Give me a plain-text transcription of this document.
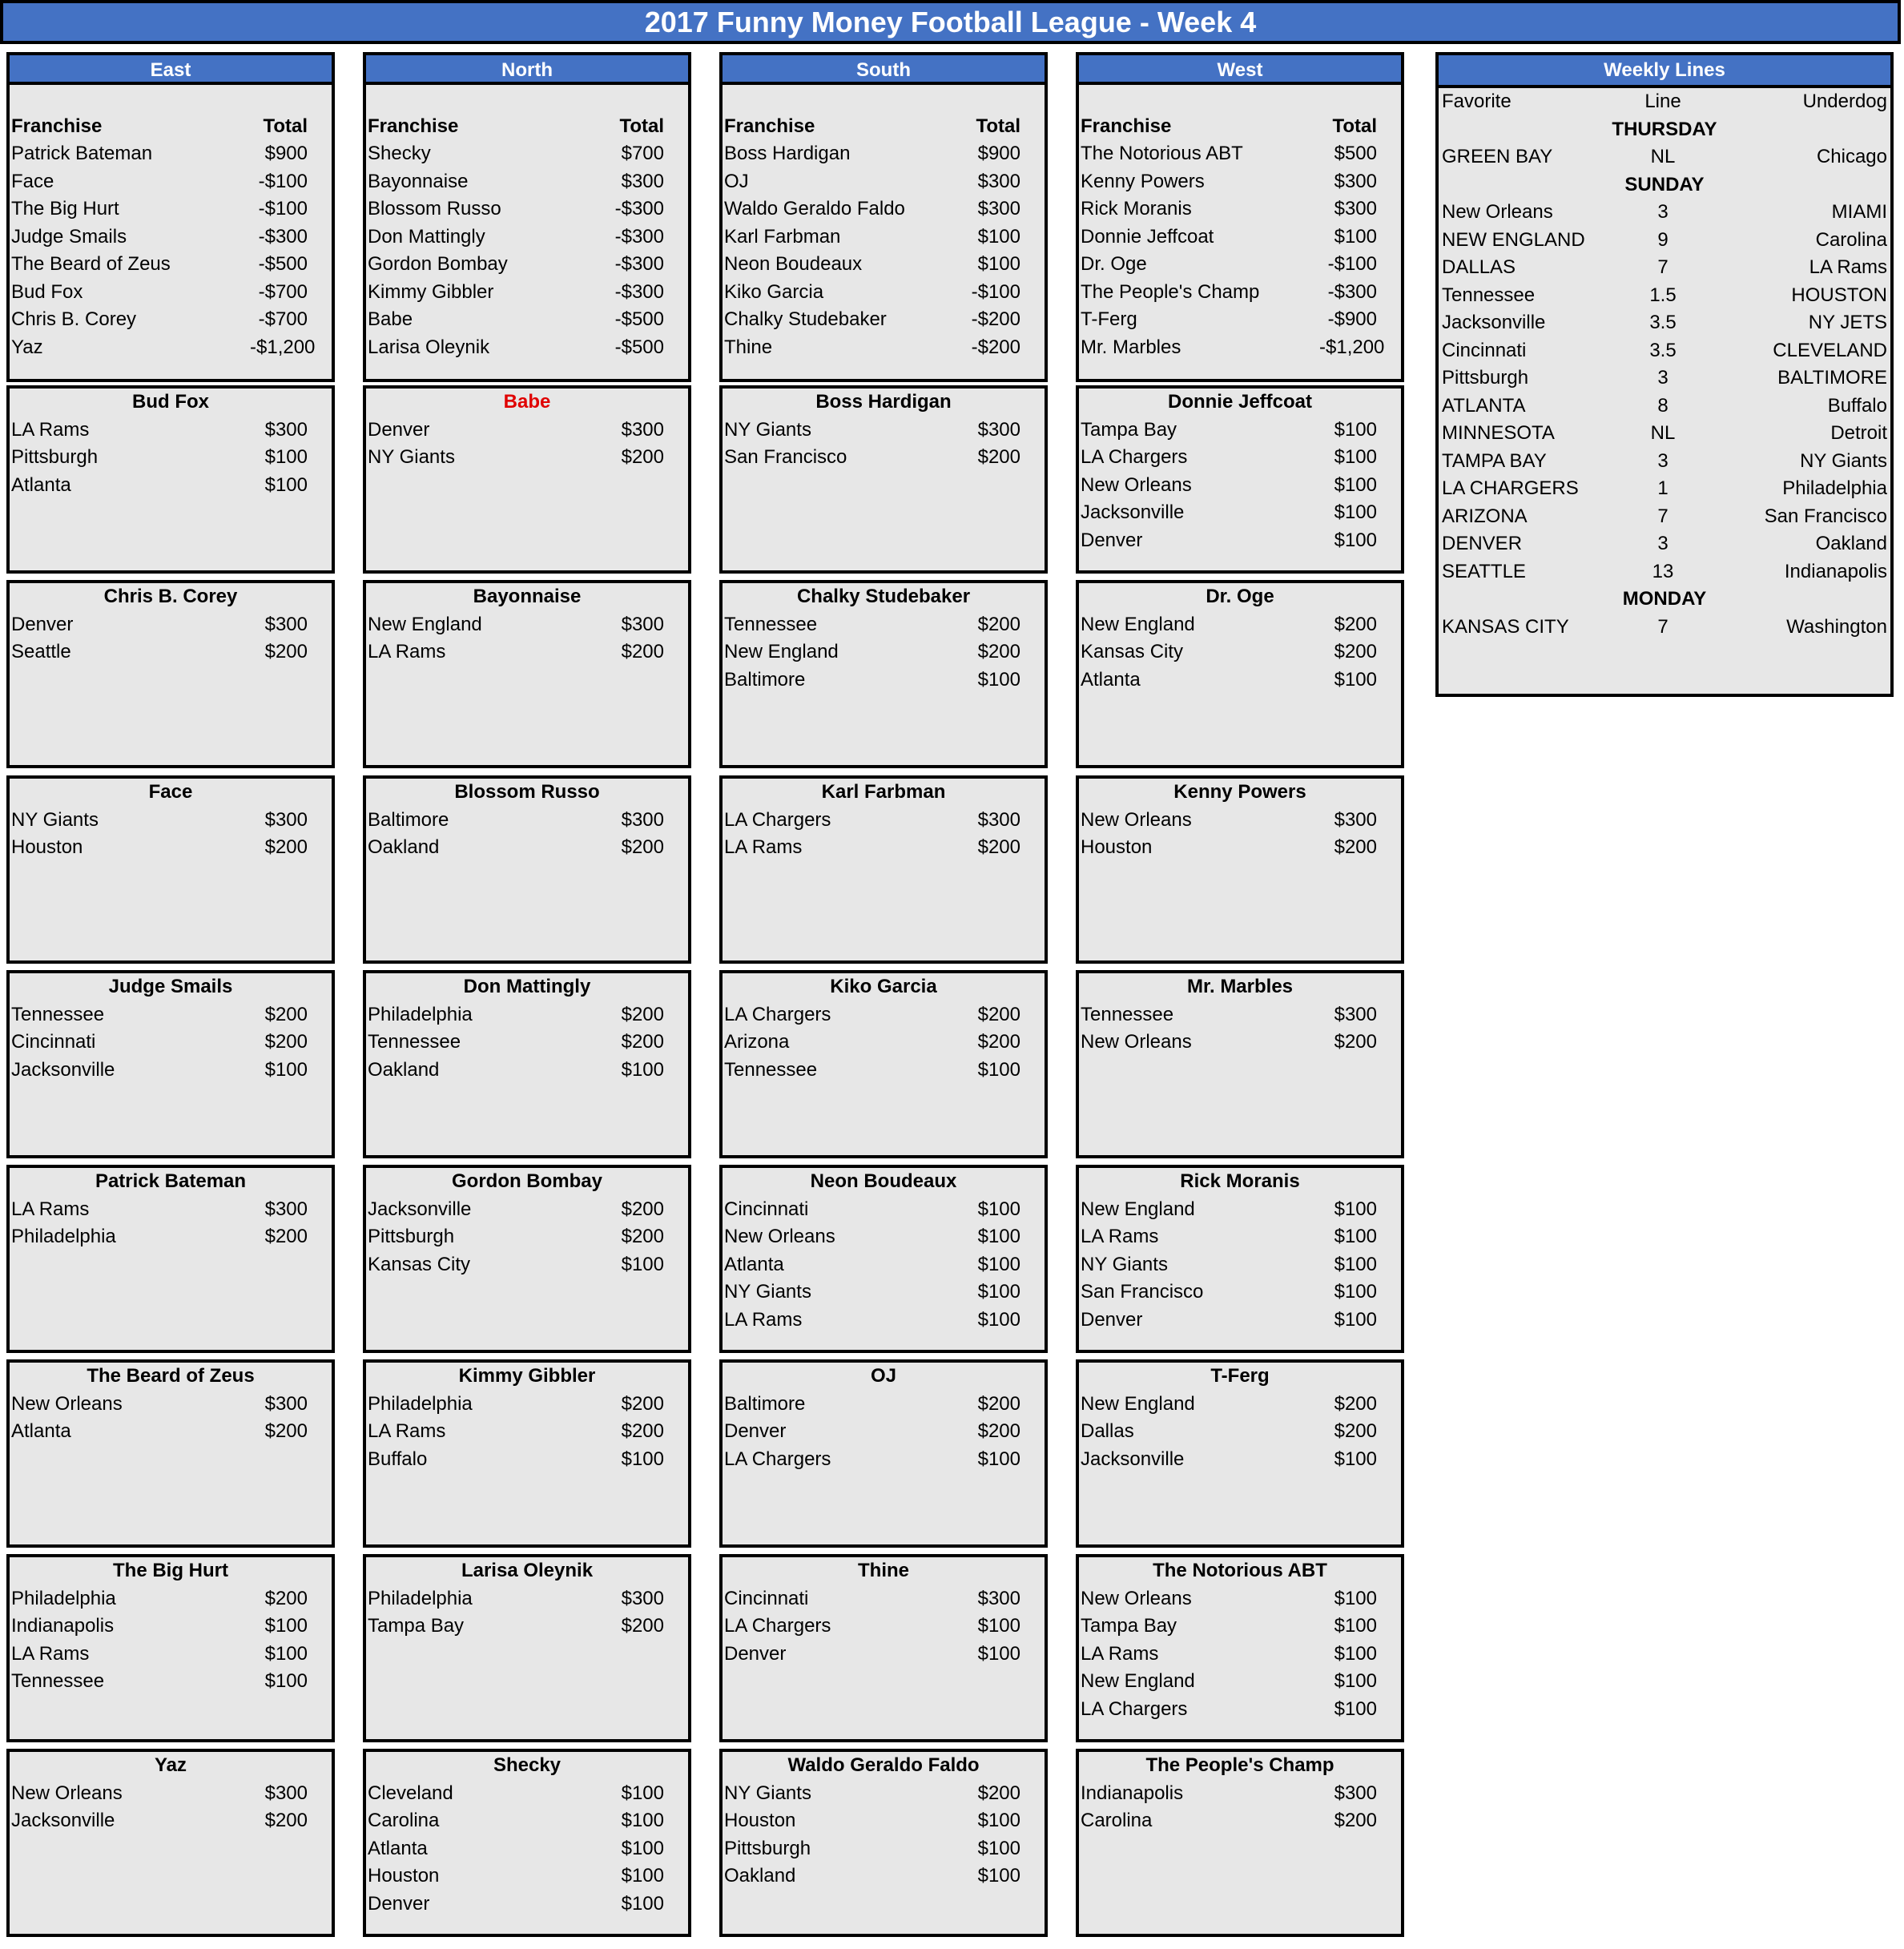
2017 Funny Money Football League - Week 4
East
Franchise	Total
Patrick Bateman	$900
Face	-$100
The Big Hurt	-$100
Judge Smails	-$300
The Beard of Zeus	-$500
Bud Fox	-$700
Chris B. Corey	-$700
Yaz	-$1,200
Bud Fox
LA Rams	$300
Pittsburgh	$100
Atlanta	$100
Chris B. Corey
Denver	$300
Seattle	$200
Face
NY Giants	$300
Houston	$200
Judge Smails
Tennessee	$200
Cincinnati	$200
Jacksonville	$100
Patrick Bateman
LA Rams	$300
Philadelphia	$200
The Beard of Zeus
New Orleans	$300
Atlanta	$200
The Big Hurt
Philadelphia	$200
Indianapolis	$100
LA Rams	$100
Tennessee	$100
Yaz
New Orleans	$300
Jacksonville	$200
North
Franchise	Total
Shecky	$700
Bayonnaise	$300
Blossom Russo	-$300
Don Mattingly	-$300
Gordon Bombay	-$300
Kimmy Gibbler	-$300
Babe	-$500
Larisa Oleynik	-$500
Babe
Denver	$300
NY Giants	$200
Bayonnaise
New England	$300
LA Rams	$200
Blossom Russo
Baltimore	$300
Oakland	$200
Don Mattingly
Philadelphia	$200
Tennessee	$200
Oakland	$100
Gordon Bombay
Jacksonville	$200
Pittsburgh	$200
Kansas City	$100
Kimmy Gibbler
Philadelphia	$200
LA Rams	$200
Buffalo	$100
Larisa Oleynik
Philadelphia	$300
Tampa Bay	$200
Shecky
Cleveland	$100
Carolina	$100
Atlanta	$100
Houston	$100
Denver	$100
South
Franchise	Total
Boss Hardigan	$900
OJ	$300
Waldo Geraldo Faldo	$300
Karl Farbman	$100
Neon Boudeaux	$100
Kiko Garcia	-$100
Chalky Studebaker	-$200
Thine	-$200
Boss Hardigan
NY Giants	$300
San Francisco	$200
Chalky Studebaker
Tennessee	$200
New England	$200
Baltimore	$100
Karl Farbman
LA Chargers	$300
LA Rams	$200
Kiko Garcia
LA Chargers	$200
Arizona	$200
Tennessee	$100
Neon Boudeaux
Cincinnati	$100
New Orleans	$100
Atlanta	$100
NY Giants	$100
LA Rams	$100
OJ
Baltimore	$200
Denver	$200
LA Chargers	$100
Thine
Cincinnati	$300
LA Chargers	$100
Denver	$100
Waldo Geraldo Faldo
NY Giants	$200
Houston	$100
Pittsburgh	$100
Oakland	$100
West
Franchise	Total
The Notorious ABT	$500
Kenny Powers	$300
Rick Moranis	$300
Donnie Jeffcoat	$100
Dr. Oge	-$100
The People's Champ	-$300
T-Ferg	-$900
Mr. Marbles	-$1,200
Donnie Jeffcoat
Tampa Bay	$100
LA Chargers	$100
New Orleans	$100
Jacksonville	$100
Denver	$100
Dr. Oge
New England	$200
Kansas City	$200
Atlanta	$100
Kenny Powers
New Orleans	$300
Houston	$200
Mr. Marbles
Tennessee	$300
New Orleans	$200
Rick Moranis
New England	$100
LA Rams	$100
NY Giants	$100
San Francisco	$100
Denver	$100
T-Ferg
New England	$200
Dallas	$200
Jacksonville	$100
The Notorious ABT
New Orleans	$100
Tampa Bay	$100
LA Rams	$100
New England	$100
LA Chargers	$100
The People's Champ
Indianapolis	$300
Carolina	$200
Weekly Lines
Favorite	Line	Underdog
THURSDAY
GREEN BAY	NL	Chicago
SUNDAY
New Orleans	3	MIAMI
NEW ENGLAND	9	Carolina
DALLAS	7	LA Rams
Tennessee	1.5	HOUSTON
Jacksonville	3.5	NY JETS
Cincinnati	3.5	CLEVELAND
Pittsburgh	3	BALTIMORE
ATLANTA	8	Buffalo
MINNESOTA	NL	Detroit
TAMPA BAY	3	NY Giants
LA CHARGERS	1	Philadelphia
ARIZONA	7	San Francisco
DENVER	3	Oakland
SEATTLE	13	Indianapolis
MONDAY
KANSAS CITY	7	Washington
